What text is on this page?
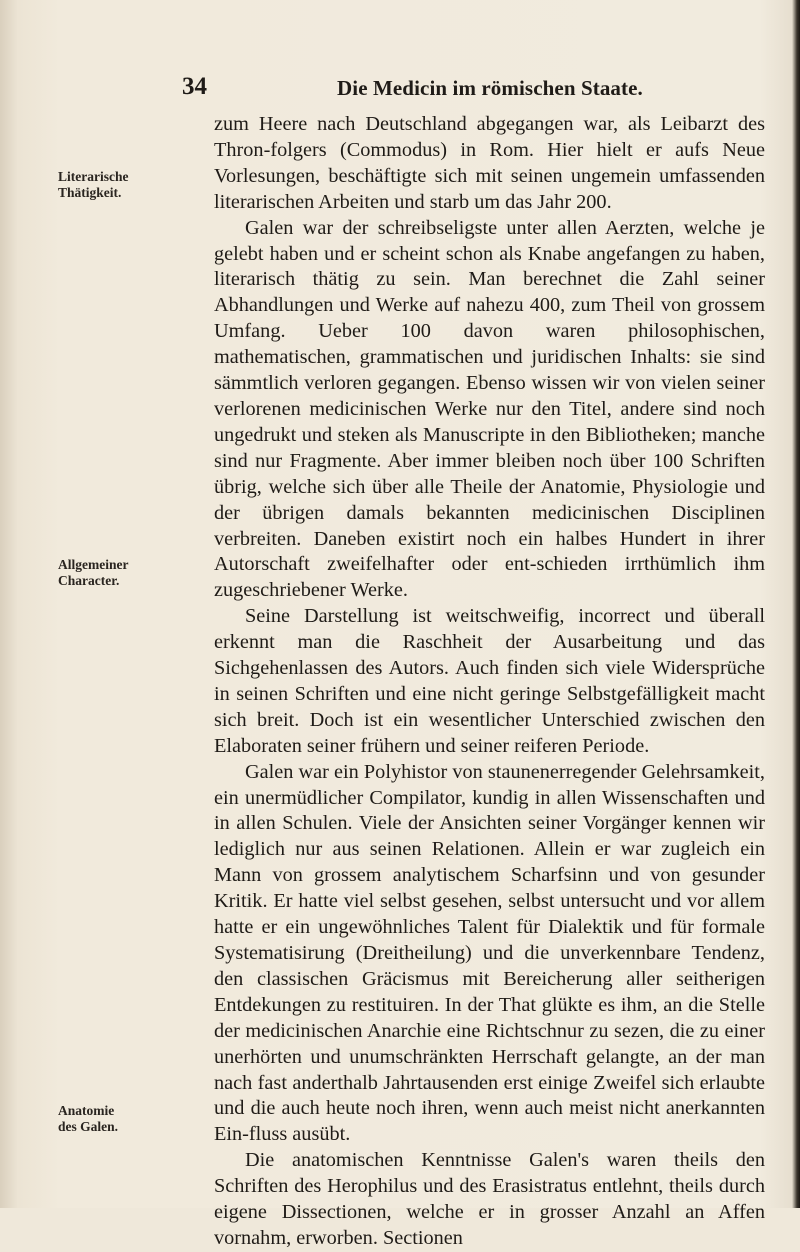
34	Die Medicin im römischen Staate.
Literarische
Thätigkeit.
Allgemeiner
Character.
Anatomie
des Galen.

zum Heere nach Deutschland abgegangen war, als Leibarzt des Thron-folgers (Commodus) in Rom. Hier hielt er aufs Neue Vorlesungen, beschäftigte sich mit seinen ungemein umfassenden literarischen Arbeiten und starb um das Jahr 200.

Galen war der schreibseligste unter allen Aerzten, welche je gelebt haben und er scheint schon als Knabe angefangen zu haben, literarisch thätig zu sein. Man berechnet die Zahl seiner Abhandlungen und Werke auf nahezu 400, zum Theil von grossem Umfang. Ueber 100 davon waren philosophischen, mathematischen, grammatischen und juridischen Inhalts: sie sind sämmtlich verloren gegangen. Ebenso wissen wir von vielen seiner verlorenen medicinischen Werke nur den Titel, andere sind noch ungedrukt und steken als Manuscripte in den Bibliotheken; manche sind nur Fragmente. Aber immer bleiben noch über 100 Schriften übrig, welche sich über alle Theile der Anatomie, Physiologie und der übrigen damals bekannten medicinischen Disciplinen verbreiten. Daneben existirt noch ein halbes Hundert in ihrer Autorschaft zweifelhafter oder ent-schieden irrthümlich ihm zugeschriebener Werke.

Seine Darstellung ist weitschweifig, incorrect und überall erkennt man die Raschheit der Ausarbeitung und das Sichgehenlassen des Autors. Auch finden sich viele Widersprüche in seinen Schriften und eine nicht geringe Selbstgefälligkeit macht sich breit. Doch ist ein wesentlicher Unterschied zwischen den Elaboraten seiner frühern und seiner reiferen Periode.

Galen war ein Polyhistor von staunenerregender Gelehrsamkeit, ein unermüdlicher Compilator, kundig in allen Wissenschaften und in allen Schulen. Viele der Ansichten seiner Vorgänger kennen wir lediglich nur aus seinen Relationen. Allein er war zugleich ein Mann von grossem analytischem Scharfsinn und von gesunder Kritik. Er hatte viel selbst gesehen, selbst untersucht und vor allem hatte er ein ungewöhnliches Talent für Dialektik und für formale Systematisirung (Dreitheilung) und die unverkennbare Tendenz, den classischen Gräcismus mit Bereicherung aller seitherigen Entdekungen zu restituiren. In der That glükte es ihm, an die Stelle der medicinischen Anarchie eine Richtschnur zu sezen, die zu einer unerhörten und unumschränkten Herrschaft gelangte, an der man nach fast anderthalb Jahrtausenden erst einige Zweifel sich erlaubte und die auch heute noch ihren, wenn auch meist nicht anerkannten Ein-fluss ausübt.

Die anatomischen Kenntnisse Galen's waren theils den Schriften des Herophilus und des Erasistratus entlehnt, theils durch eigene Dissectionen, welche er in grosser Anzahl an Affen vornahm, erworben. Sectionen
